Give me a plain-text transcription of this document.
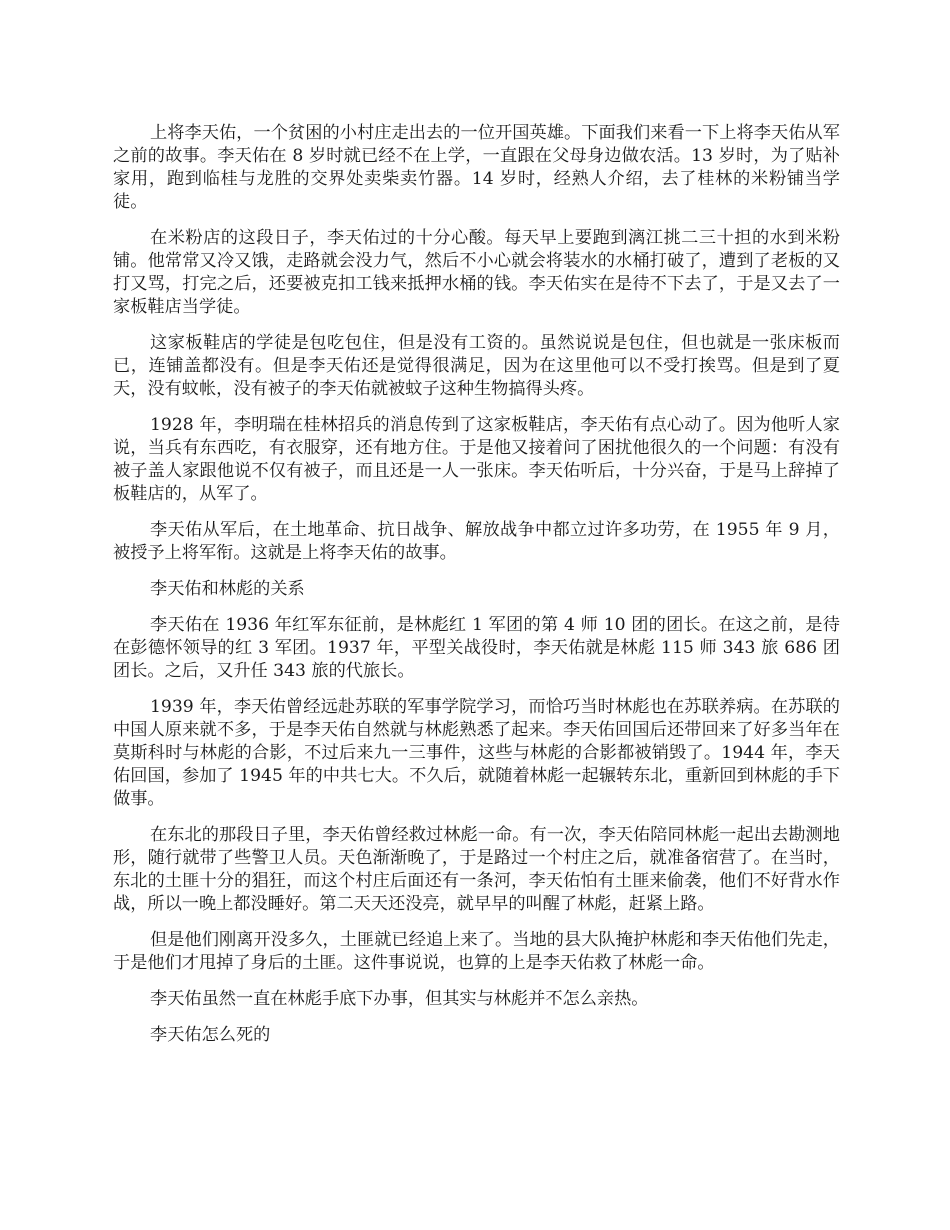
上将李天佑，一个贫困的小村庄走出去的一位开国英雄。下面我们来看一下上将李天佑从军之前的故事。李天佑在 8 岁时就已经不在上学，一直跟在父母身边做农活。13 岁时，为了贴补家用，跑到临桂与龙胜的交界处卖柴卖竹器。14 岁时，经熟人介绍，去了桂林的米粉铺当学徒。

在米粉店的这段日子，李天佑过的十分心酸。每天早上要跑到漓江挑二三十担的水到米粉铺。他常常又冷又饿，走路就会没力气，然后不小心就会将装水的水桶打破了，遭到了老板的又打又骂，打完之后，还要被克扣工钱来抵押水桶的钱。李天佑实在是待不下去了，于是又去了一家板鞋店当学徒。

这家板鞋店的学徒是包吃包住，但是没有工资的。虽然说说是包住，但也就是一张床板而已，连铺盖都没有。但是李天佑还是觉得很满足，因为在这里他可以不受打挨骂。但是到了夏天，没有蚊帐，没有被子的李天佑就被蚊子这种生物搞得头疼。

1928 年，李明瑞在桂林招兵的消息传到了这家板鞋店，李天佑有点心动了。因为他听人家说，当兵有东西吃，有衣服穿，还有地方住。于是他又接着问了困扰他很久的一个问题：有没有被子盖人家跟他说不仅有被子，而且还是一人一张床。李天佑听后，十分兴奋，于是马上辞掉了板鞋店的，从军了。

李天佑从军后，在土地革命、抗日战争、解放战争中都立过许多功劳，在 1955 年 9 月，被授予上将军衔。这就是上将李天佑的故事。

李天佑和林彪的关系

李天佑在 1936 年红军东征前，是林彪红 1 军团的第 4 师 10 团的团长。在这之前，是待在彭德怀领导的红 3 军团。1937 年，平型关战役时，李天佑就是林彪 115 师 343 旅 686 团团长。之后，又升任 343 旅的代旅长。

1939 年，李天佑曾经远赴苏联的军事学院学习，而恰巧当时林彪也在苏联养病。在苏联的中国人原来就不多，于是李天佑自然就与林彪熟悉了起来。李天佑回国后还带回来了好多当年在莫斯科时与林彪的合影，不过后来九一三事件，这些与林彪的合影都被销毁了。1944 年，李天佑回国，参加了 1945 年的中共七大。不久后，就随着林彪一起辗转东北，重新回到林彪的手下做事。

在东北的那段日子里，李天佑曾经救过林彪一命。有一次，李天佑陪同林彪一起出去勘测地形，随行就带了些警卫人员。天色渐渐晚了，于是路过一个村庄之后，就准备宿营了。在当时，东北的土匪十分的猖狂，而这个村庄后面还有一条河，李天佑怕有土匪来偷袭，他们不好背水作战，所以一晚上都没睡好。第二天天还没亮，就早早的叫醒了林彪，赶紧上路。

但是他们刚离开没多久，土匪就已经追上来了。当地的县大队掩护林彪和李天佑他们先走，于是他们才甩掉了身后的土匪。这件事说说，也算的上是李天佑救了林彪一命。

李天佑虽然一直在林彪手底下办事，但其实与林彪并不怎么亲热。

李天佑怎么死的
